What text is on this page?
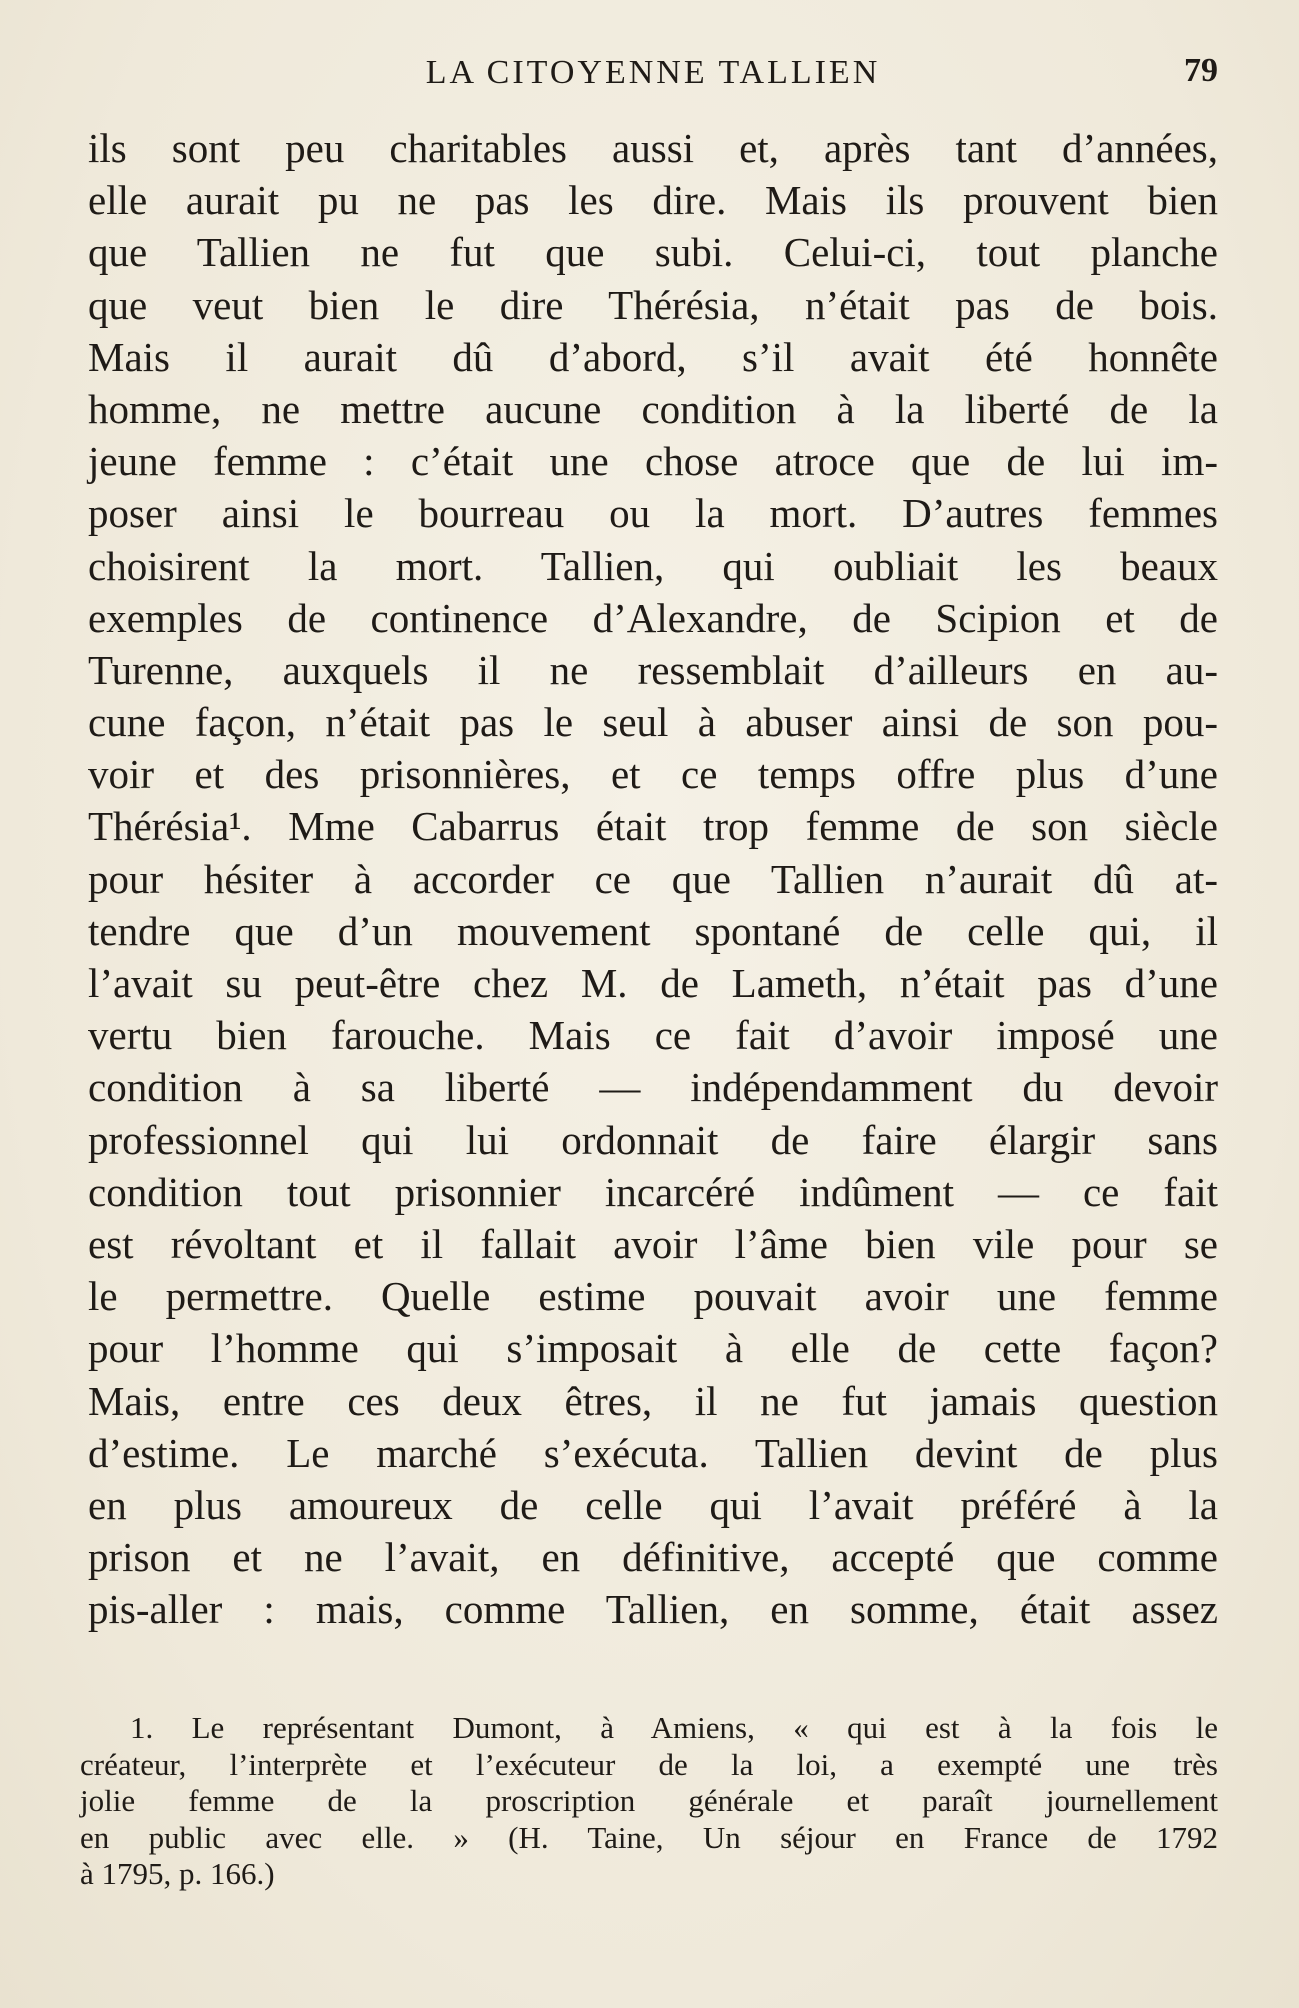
LA CITOYENNE TALLIEN	79
ils sont peu charitables aussi et, après tant d’années,
elle aurait pu ne pas les dire. Mais ils prouvent bien
que Tallien ne fut que subi. Celui-ci, tout planche
que veut bien le dire Thérésia, n’était pas de bois.
Mais il aurait dû d’abord, s’il avait été honnête
homme, ne mettre aucune condition à la liberté de la
jeune femme : c’était une chose atroce que de lui im-
poser ainsi le bourreau ou la mort. D’autres femmes
choisirent la mort. Tallien, qui oubliait les beaux
exemples de continence d’Alexandre, de Scipion et de
Turenne, auxquels il ne ressemblait d’ailleurs en au-
cune façon, n’était pas le seul à abuser ainsi de son pou-
voir et des prisonnières, et ce temps offre plus d’une
Thérésia¹. Mme Cabarrus était trop femme de son siècle
pour hésiter à accorder ce que Tallien n’aurait dû at-
tendre que d’un mouvement spontané de celle qui, il
l’avait su peut-être chez M. de Lameth, n’était pas d’une
vertu bien farouche. Mais ce fait d’avoir imposé une
condition à sa liberté — indépendamment du devoir
professionnel qui lui ordonnait de faire élargir sans
condition tout prisonnier incarcéré indûment — ce fait
est révoltant et il fallait avoir l’âme bien vile pour se
le permettre. Quelle estime pouvait avoir une femme
pour l’homme qui s’imposait à elle de cette façon?
Mais, entre ces deux êtres, il ne fut jamais question
d’estime. Le marché s’exécuta. Tallien devint de plus
en plus amoureux de celle qui l’avait préféré à la
prison et ne l’avait, en définitive, accepté que comme
pis-aller : mais, comme Tallien, en somme, était assez
1. Le représentant Dumont, à Amiens, « qui est à la fois le
créateur, l’interprète et l’exécuteur de la loi, a exempté une très
jolie femme de la proscription générale et paraît journellement
en public avec elle. » (H. Taine, Un séjour en France de 1792
à 1795, p. 166.)
